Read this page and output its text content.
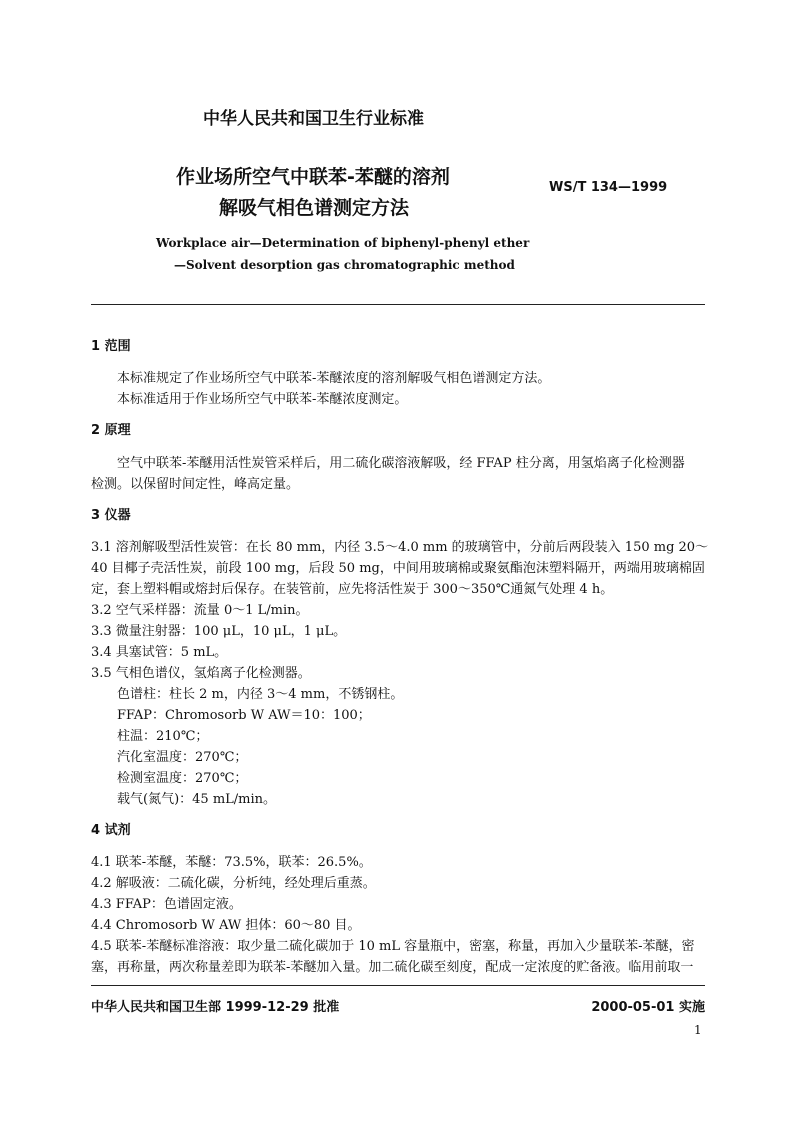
中华人民共和国卫生行业标准
作业场所空气中联苯-苯醚的溶剂
解吸气相色谱测定方法
WS/T 134—1999
Workplace air—Determination of biphenyl-phenyl ether
—Solvent desorption gas chromatographic method
1 范围
本标准规定了作业场所空气中联苯-苯醚浓度的溶剂解吸气相色谱测定方法。
本标准适用于作业场所空气中联苯-苯醚浓度测定。
2 原理
空气中联苯-苯醚用活性炭管采样后，用二硫化碳溶液解吸，经 FFAP 柱分离，用氢焰离子化检测器
检测。以保留时间定性，峰高定量。
3 仪器
3.1 溶剂解吸型活性炭管：在长 80 mm，内径 3.5～4.0 mm 的玻璃管中，分前后两段装入 150 mg 20～
40 目椰子壳活性炭，前段 100 mg，后段 50 mg，中间用玻璃棉或聚氨酯泡沫塑料隔开，两端用玻璃棉固
定，套上塑料帽或熔封后保存。在装管前，应先将活性炭于 300～350℃通氮气处理 4 h。
3.2 空气采样器：流量 0～1 L/min。
3.3 微量注射器：100 μL，10 μL，1 μL。
3.4 具塞试管：5 mL。
3.5 气相色谱仪，氢焰离子化检测器。
色谱柱：柱长 2 m，内径 3～4 mm，不锈钢柱。
FFAP：Chromosorb W AW＝10：100；
柱温：210℃；
汽化室温度：270℃；
检测室温度：270℃；
载气(氮气)：45 mL/min。
4 试剂
4.1 联苯-苯醚，苯醚：73.5%，联苯：26.5%。
4.2 解吸液：二硫化碳，分析纯，经处理后重蒸。
4.3 FFAP：色谱固定液。
4.4 Chromosorb W AW 担体：60～80 目。
4.5 联苯-苯醚标准溶液：取少量二硫化碳加于 10 mL 容量瓶中，密塞，称量，再加入少量联苯-苯醚，密
塞，再称量，两次称量差即为联苯-苯醚加入量。加二硫化碳至刻度，配成一定浓度的贮备液。临用前取一
中华人民共和国卫生部 1999-12-29 批准	2000-05-01 实施
1
